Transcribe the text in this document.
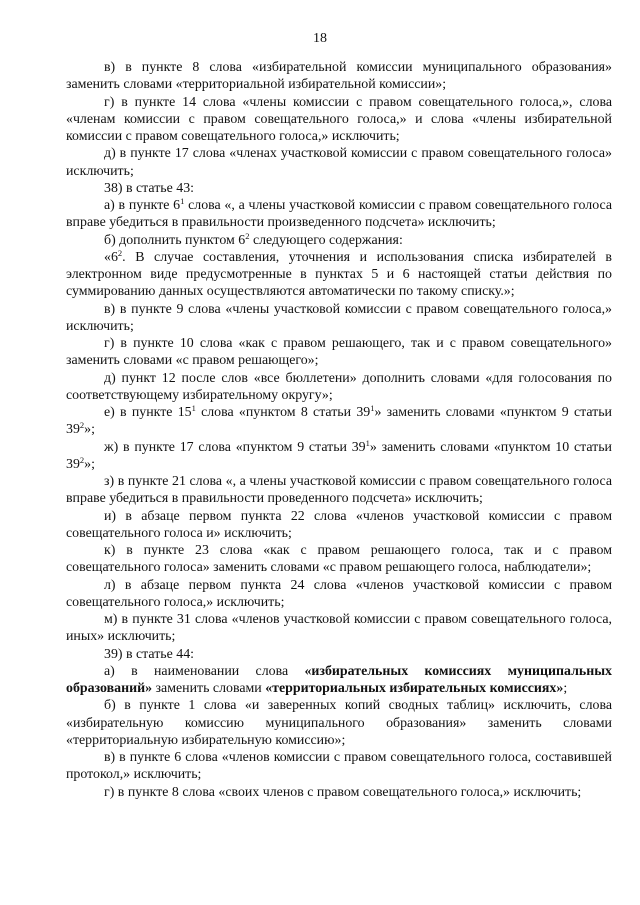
18

в) в пункте 8 слова «избирательной комиссии муниципального образования» заменить словами «территориальной избирательной комиссии»;

г) в пункте 14 слова «члены комиссии с правом совещательного голоса,», слова «членам комиссии с правом совещательного голоса,» и слова «члены избирательной комиссии с правом совещательного голоса,» исключить;

д) в пункте 17 слова «членах участковой комиссии с правом совещательного голоса» исключить;

38) в статье 43:

а) в пункте $6^1$ слова «, а члены участковой комиссии с правом совещательного голоса вправе убедиться в правильности произведенного подсчета» исключить;

б) дополнить пунктом $6^2$ следующего содержания:

«$6^2$. В случае составления, уточнения и использования списка избирателей в электронном виде предусмотренные в пунктах 5 и 6 настоящей статьи действия по суммированию данных осуществляются автоматически по такому списку.»;

в) в пункте 9 слова «члены участковой комиссии с правом совещательного голоса,» исключить;

г) в пункте 10 слова «как с правом решающего, так и с правом совещательного» заменить словами «с правом решающего»;

д) пункт 12 после слов «все бюллетени» дополнить словами «для голосования по соответствующему избирательному округу»;

е) в пункте $15^1$ слова «пунктом 8 статьи $39^1$» заменить словами «пунктом 9 статьи $39^2$»;

ж) в пункте 17 слова «пунктом 9 статьи $39^1$» заменить словами «пунктом 10 статьи $39^2$»;

з) в пункте 21 слова «, а члены участковой комиссии с правом совещательного голоса вправе убедиться в правильности проведенного подсчета» исключить;

и) в абзаце первом пункта 22 слова «членов участковой комиссии с правом совещательного голоса и» исключить;

к) в пункте 23 слова «как с правом решающего голоса, так и с правом совещательного голоса» заменить словами «с правом решающего голоса, наблюдатели»;

л) в абзаце первом пункта 24 слова «членов участковой комиссии с правом совещательного голоса,» исключить;

м) в пункте 31 слова «членов участковой комиссии с правом совещательного голоса, иных» исключить;

39) в статье 44:

а) в наименовании слова «избирательных комиссиях муниципальных образований» заменить словами «территориальных избирательных комиссиях»;

б) в пункте 1 слова «и заверенных копий сводных таблиц» исключить, слова «избирательную комиссию муниципального образования» заменить словами «территориальную избирательную комиссию»;

в) в пункте 6 слова «членов комиссии с правом совещательного голоса, составившей протокол,» исключить;

г) в пункте 8 слова «своих членов с правом совещательного голоса,» исключить;
